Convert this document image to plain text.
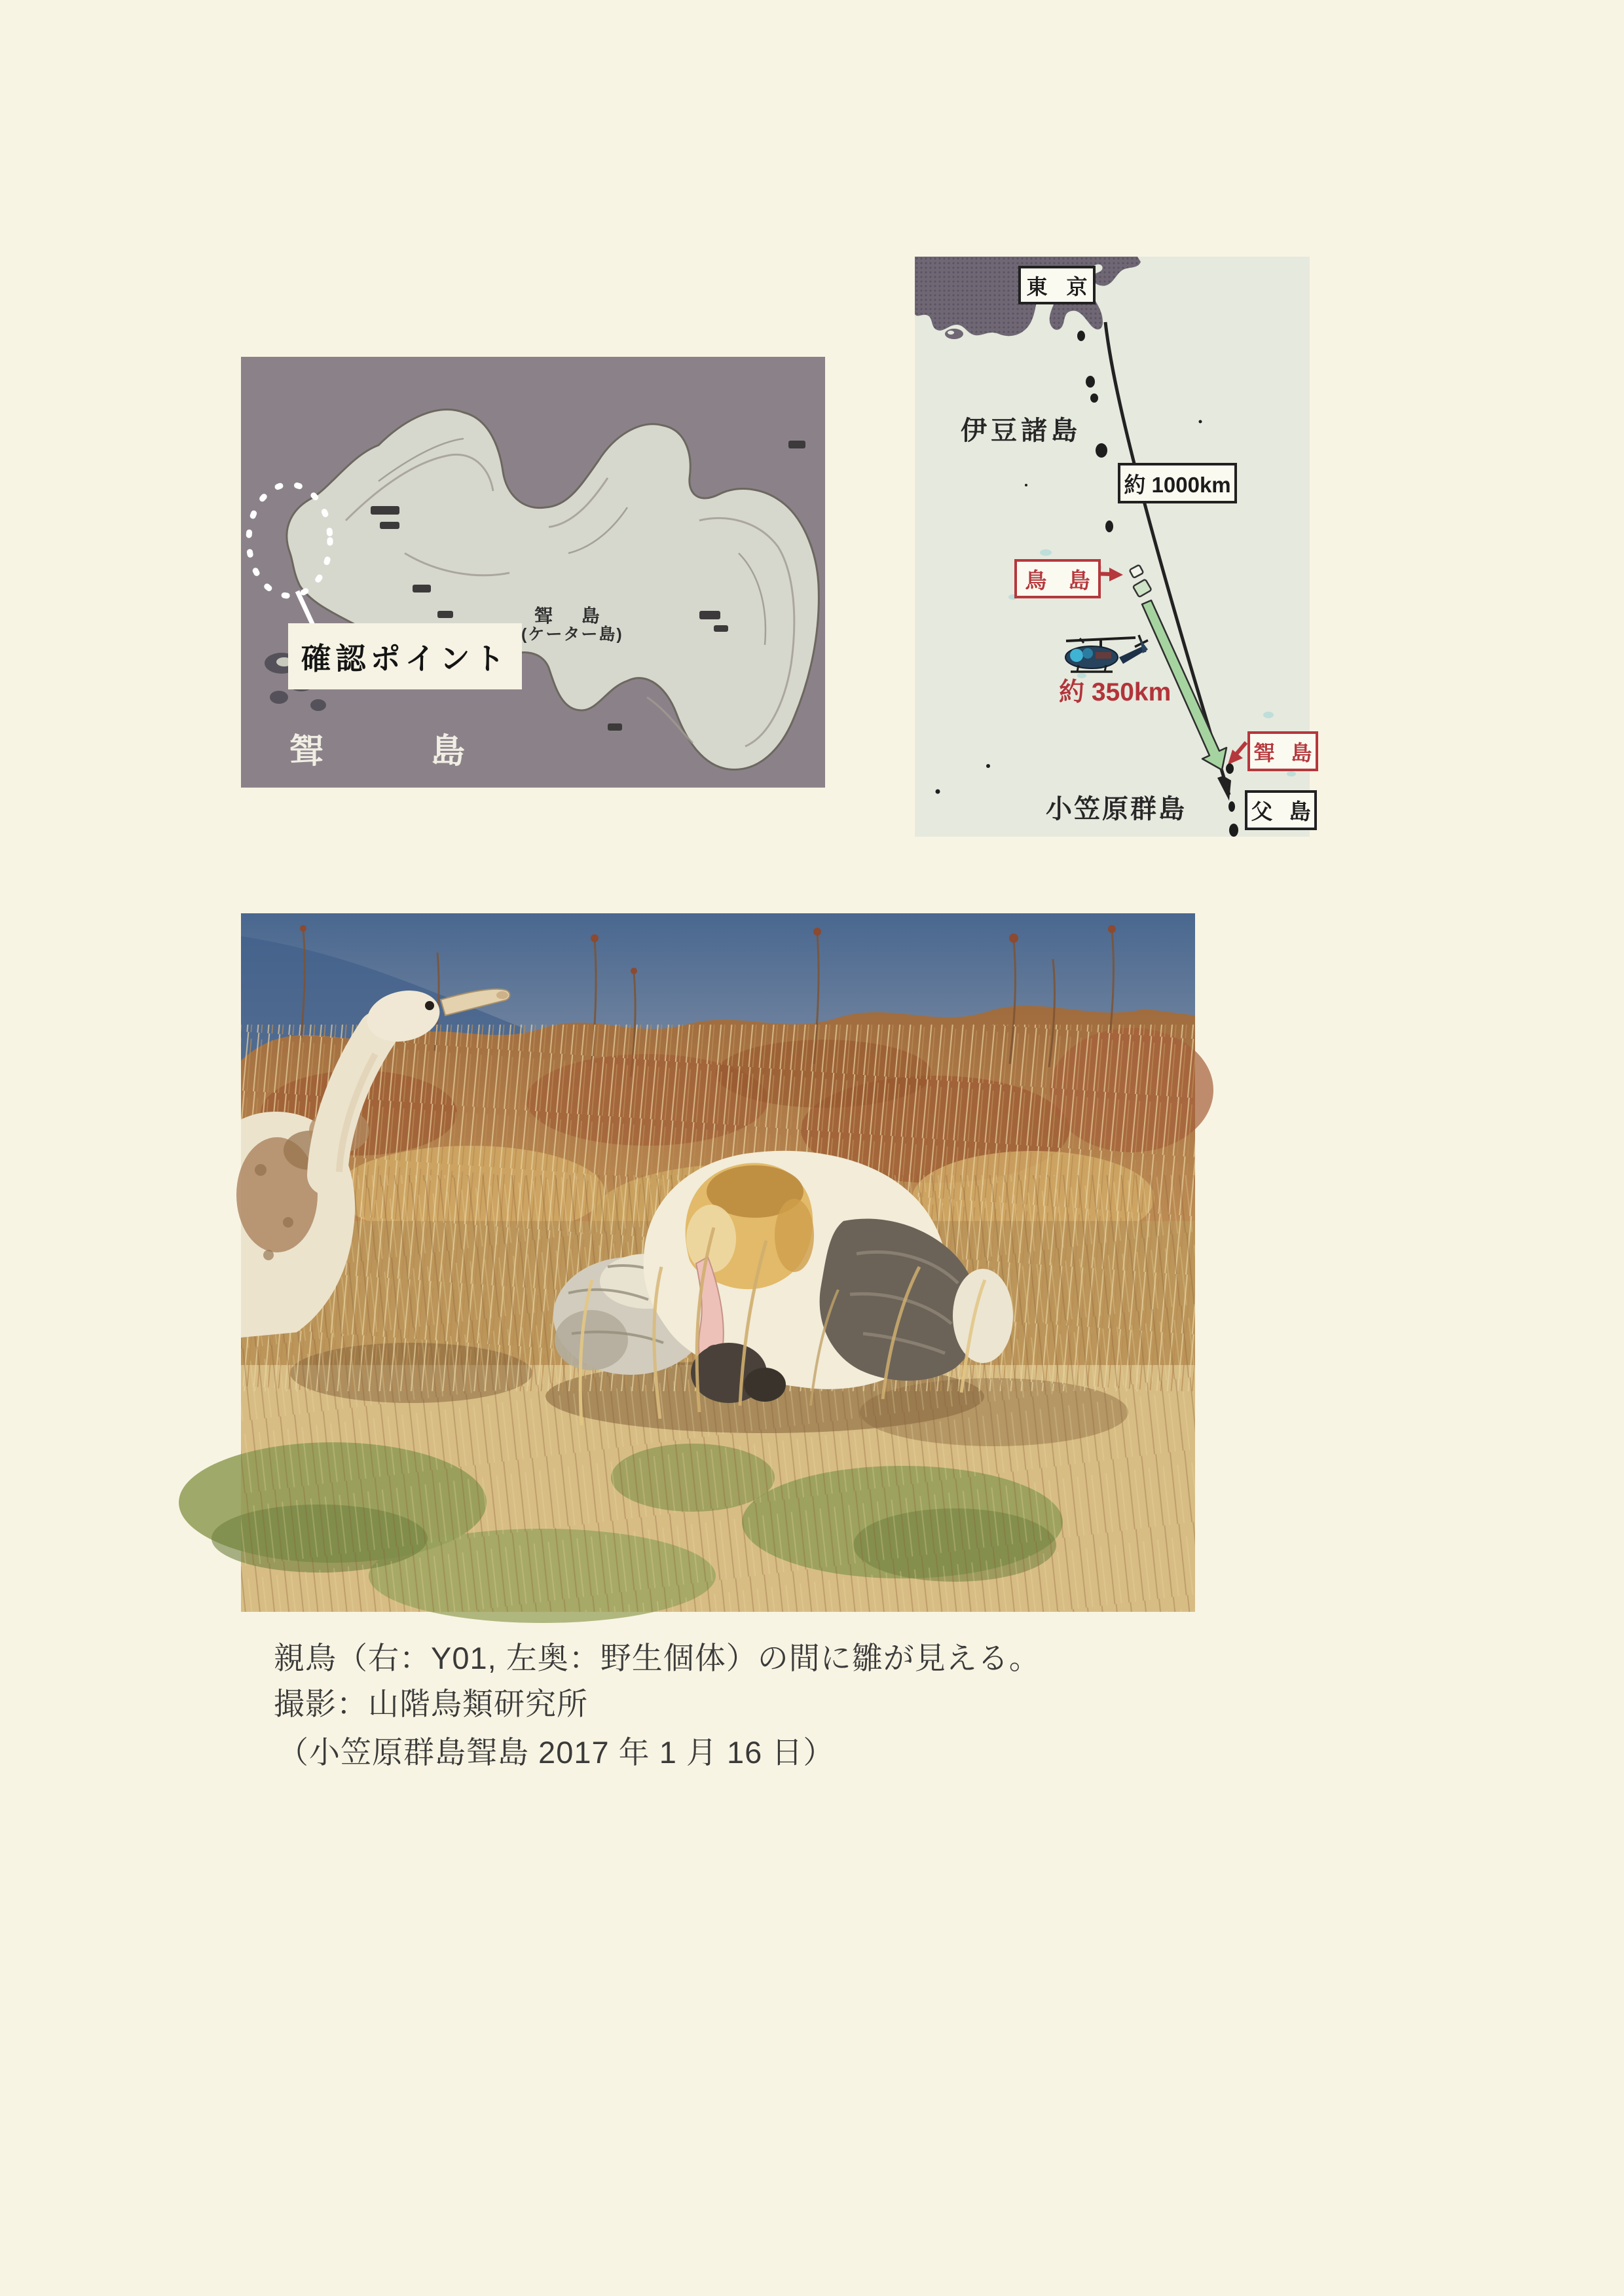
確認ポイント
聟　島
聟 島
(ケーター島)
東 京
伊豆諸島
約 1000km
鳥 島
約 350km
聟 島
父 島
小笠原群島
親鳥（右：Y01, 左奥：野生個体）の間に雛が見える。
撮影：山階鳥類研究所
（小笠原群島聟島 2017 年 1 月 16 日）
